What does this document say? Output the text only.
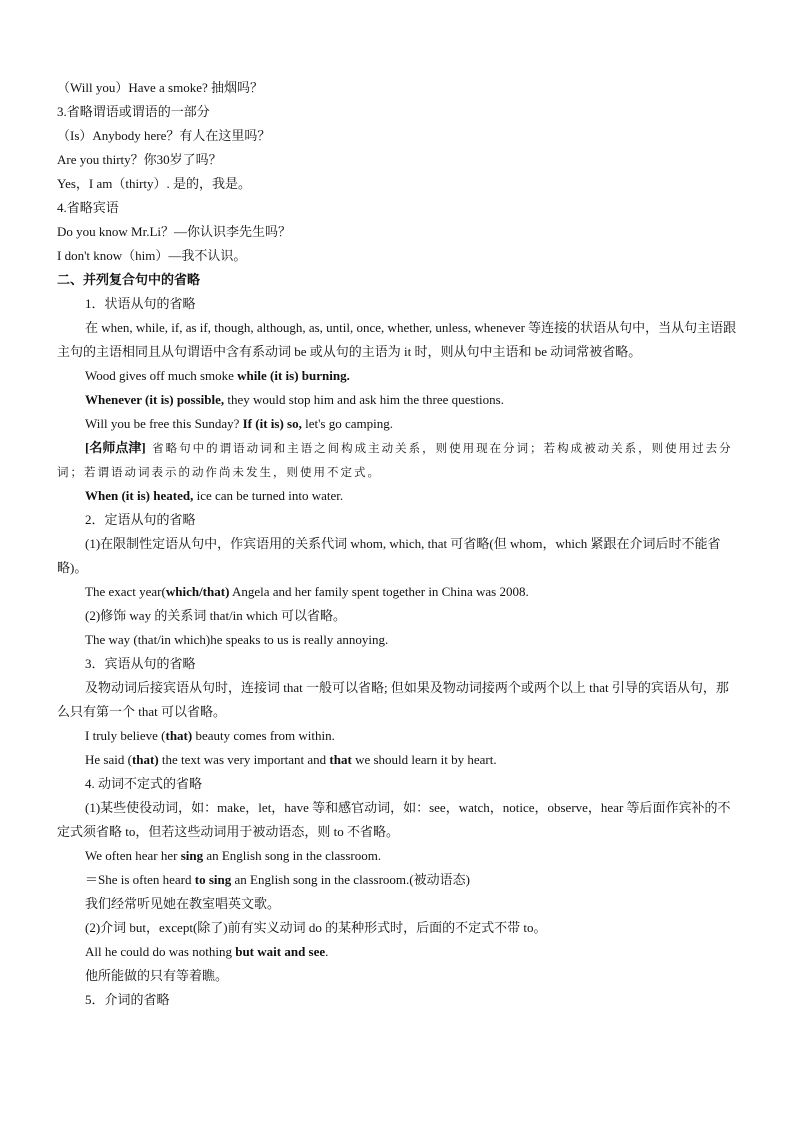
（Will you）Have a smoke? 抽烟吗？

3.省略谓语或谓语的一部分

（Is）Anybody here？有人在这里吗？

Are you thirty？你30岁了吗？

Yes，I am（thirty）. 是的，我是。

4.省略宾语

Do you know Mr.Li？—你认识李先生吗？

I don't know（him）—我不认识。

二、并列复合句中的省略

1．状语从句的省略

在 when, while, if, as if, though, although, as, until, once, whether, unless, whenever 等连接的状语从句中，当从句主语跟主句的主语相同且从句谓语中含有系动词 be 或从句的主语为 it 时，则从句中主语和 be 动词常被省略。

Wood gives off much smoke while (it is) burning.

Whenever (it is) possible, they would stop him and ask him the three questions.

Will you be free this Sunday? If (it is) so, let's go camping.

[名师点津] 省略句中的谓语动词和主语之间构成主动关系，则使用现在分词；若构成被动关系，则使用过去分词；若谓语动词表示的动作尚未发生，则使用不定式。

When (it is) heated, ice can be turned into water.

2．定语从句的省略

(1)在限制性定语从句中，作宾语用的关系代词 whom, which, that 可省略(但 whom，which 紧跟在介词后时不能省略)。

The exact year(which/that) Angela and her family spent together in China was 2008.

(2)修饰 way 的关系词 that/in which 可以省略。

The way (that/in which)he speaks to us is really annoying.

3．宾语从句的省略

及物动词后接宾语从句时，连接词 that 一般可以省略; 但如果及物动词接两个或两个以上 that 引导的宾语从句，那么只有第一个 that 可以省略。

I truly believe (that) beauty comes from within.

He said (that) the text was very important and that we should learn it by heart.

4. 动词不定式的省略

(1)某些使役动词，如：make，let，have 等和感官动词，如：see，watch，notice，observe，hear 等后面作宾补的不定式须省略 to，但若这些动词用于被动语态，则 to 不省略。

We often hear her sing an English song in the classroom.

＝She is often heard to sing an English song in the classroom.(被动语态)

我们经常听见她在教室唱英文歌。

(2)介词 but，except(除了)前有实义动词 do 的某种形式时，后面的不定式不带 to。

All he could do was nothing but wait and see.

他所能做的只有等着瞧。

5．介词的省略
